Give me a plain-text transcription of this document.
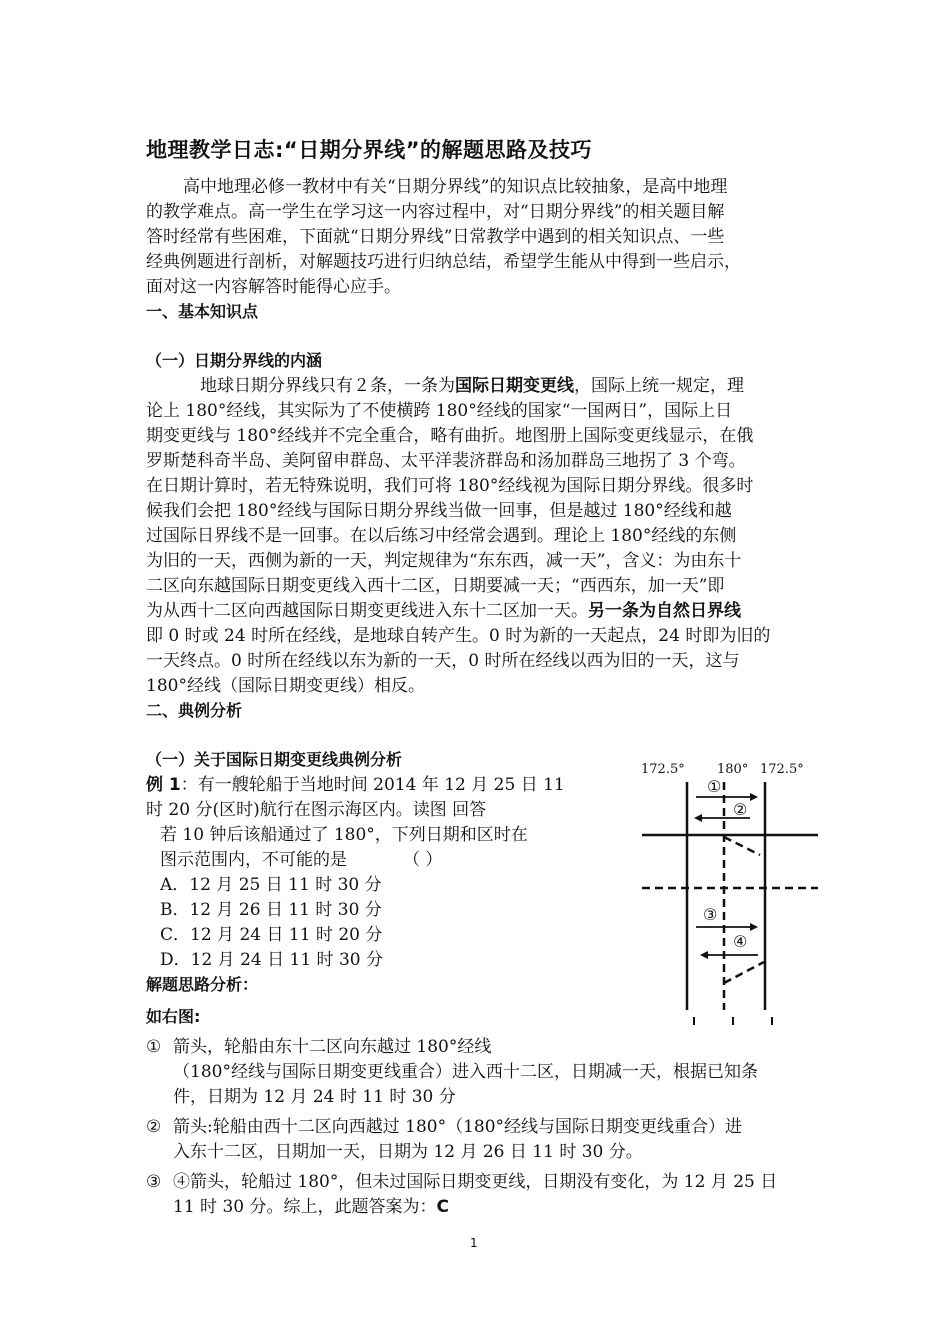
地理教学日志:“日期分界线”的解题思路及技巧
高中地理必修一教材中有关“日期分界线”的知识点比较抽象，是高中地理
的教学难点。高一学生在学习这一内容过程中，对“日期分界线”的相关题目解
答时经常有些困难，下面就“日期分界线”日常教学中遇到的相关知识点、一些
经典例题进行剖析，对解题技巧进行归纳总结，希望学生能从中得到一些启示，
面对这一内容解答时能得心应手。
一、基本知识点
（一）日期分界线的内涵
地球日期分界线只有２条，一条为国际日期变更线，国际上统一规定，理
论上 180°经线，其实际为了不使横跨 180°经线的国家“一国两日”，国际上日
期变更线与 180°经线并不完全重合，略有曲折。地图册上国际变更线显示，在俄
罗斯楚科奇半岛、美阿留申群岛、太平洋裴济群岛和汤加群岛三地拐了 3 个弯。
在日期计算时，若无特殊说明，我们可将 180°经线视为国际日期分界线。很多时
候我们会把 180°经线与国际日期分界线当做一回事，但是越过 180°经线和越
过国际日界线不是一回事。在以后练习中经常会遇到。理论上 180°经线的东侧
为旧的一天，西侧为新的一天，判定规律为“东东西，减一天”，含义：为由东十
二区向东越国际日期变更线入西十二区，日期要减一天；“西西东，加一天”即
为从西十二区向西越国际日期变更线进入东十二区加一天。另一条为自然日界线
即 0 时或 24 时所在经线，是地球自转产生。0 时为新的一天起点，24 时即为旧的
一天终点。0 时所在经线以东为新的一天，0 时所在经线以西为旧的一天，这与
180°经线（国际日期变更线）相反。
二、典例分析
（一）关于国际日期变更线典例分析
例 1：有一艘轮船于当地时间 2014 年 12 月 25 日 11
时 20 分(区时)航行在图示海区内。读图 回答
若 10 钟后该船通过了 180°，下列日期和区时在
图示范围内，不可能的是	（ ）
A．12 月 25 日 11 时 30 分
B．12 月 26 日 11 时 30 分
C．12 月 24 日 11 时 20 分
D．12 月 24 日 11 时 30 分
解题思路分析：
如右图:
① 箭头，轮船由东十二区向东越过 180°经线
（180°经线与国际日期变更线重合）进入西十二区，日期减一天，根据已知条
件，日期为 12 月 24 时 11 时 30 分
② 箭头:轮船由西十二区向西越过 180°（180°经线与国际日期变更线重合）进
入东十二区，日期加一天，日期为 12 月 26 日 11 时 30 分。
③ ④箭头，轮船过 180°，但未过国际日期变更线，日期没有变化，为 12 月 25 日
11 时 30 分。综上，此题答案为：C
172.5° 180° 172.5°
①
②
③
④
1
